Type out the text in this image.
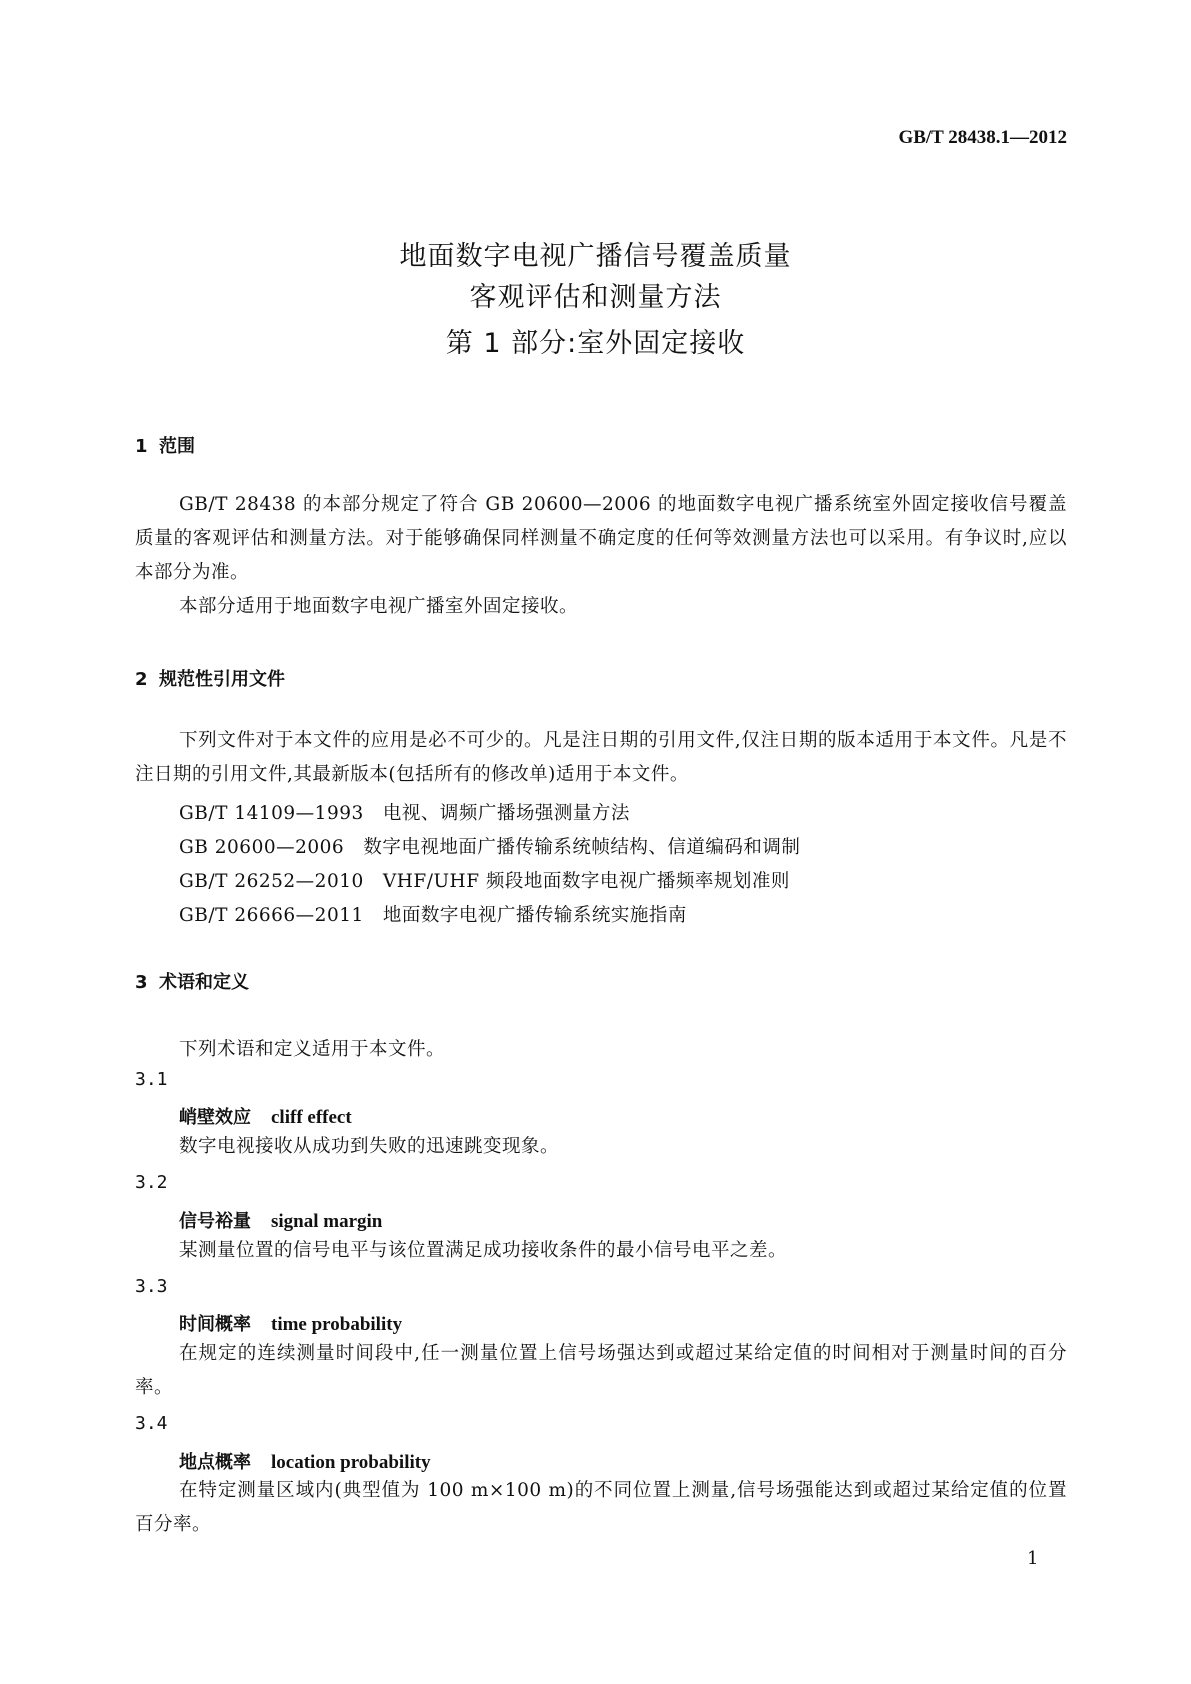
GB/T 28438.1—2012
地面数字电视广播信号覆盖质量
客观评估和测量方法
第 1 部分:室外固定接收
1 范围
GB/T 28438 的本部分规定了符合 GB 20600—2006 的地面数字电视广播系统室外固定接收信号覆盖质量的客观评估和测量方法。对于能够确保同样测量不确定度的任何等效测量方法也可以采用。有争议时,应以本部分为准。
本部分适用于地面数字电视广播室外固定接收。
2 规范性引用文件
下列文件对于本文件的应用是必不可少的。凡是注日期的引用文件,仅注日期的版本适用于本文件。凡是不注日期的引用文件,其最新版本(包括所有的修改单)适用于本文件。
GB/T 14109—1993   电视、调频广播场强测量方法
GB 20600—2006   数字电视地面广播传输系统帧结构、信道编码和调制
GB/T 26252—2010   VHF/UHF 频段地面数字电视广播频率规划准则
GB/T 26666—2011   地面数字电视广播传输系统实施指南
3 术语和定义
下列术语和定义适用于本文件。
3.1
峭壁效应 cliff effect
数字电视接收从成功到失败的迅速跳变现象。
3.2
信号裕量 signal margin
某测量位置的信号电平与该位置满足成功接收条件的最小信号电平之差。
3.3
时间概率 time probability
在规定的连续测量时间段中,任一测量位置上信号场强达到或超过某给定值的时间相对于测量时间的百分率。
3.4
地点概率 location probability
在特定测量区域内(典型值为 100 m×100 m)的不同位置上测量,信号场强能达到或超过某给定值的位置百分率。
1
